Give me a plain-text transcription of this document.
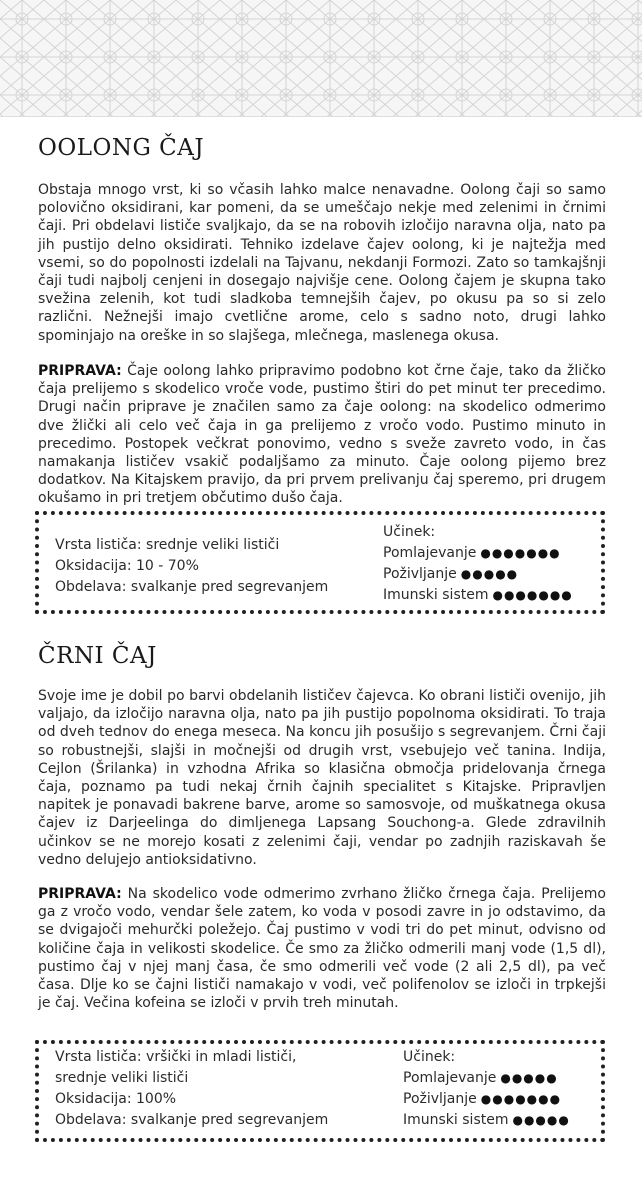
OOLONG ČAJ

Obstaja mnogo vrst, ki so včasih lahko malce nenavadne. Oolong čaji so samo polovično oksidirani, kar pomeni, da se umeščajo nekje med zelenimi in črnimi čaji. Pri obdelavi lističe svaljkajo, da se na robovih izločijo naravna olja, nato pa jih pustijo delno oksidirati. Tehniko izdelave čajev oolong, ki je najtežja med vsemi, so do popolnosti izdelali na Tajvanu, nekdanji Formozi. Zato so tamkajšnji čaji tudi najbolj cenjeni in dosegajo najvišje cene. Oolong čajem je skupna tako svežina zelenih, kot tudi sladkoba temnejših čajev, po okusu pa so si zelo različni. Nežnejši imajo cvetlične arome, celo s sadno noto, drugi lahko spominjajo na oreške in so slajšega, mlečnega, maslenega okusa.

PRIPRAVA: Čaje oolong lahko pripravimo podobno kot črne čaje, tako da žličko čaja prelijemo s skodelico vroče vode, pustimo štiri do pet minut ter precedimo. Drugi način priprave je značilen samo za čaje oolong: na skodelico odmerimo dve žlički ali celo več čaja in ga prelijemo z vročo vodo. Pustimo minuto in precedimo. Postopek večkrat ponovimo, vedno s sveže zavreto vodo, in čas namakanja lističev vsakič podaljšamo za minuto. Čaje oolong pijemo brez dodatkov. Na Kitajskem pravijo, da pri prvem prelivanju čaj speremo, pri drugem okušamo in pri tretjem občutimo dušo čaja.

Vrsta lističa: srednje veliki lističi
Oksidacija: 10 - 70%
Obdelava: svalkanje pred segrevanjem
Učinek:
Pomlajevanje ●●●●●●●
Poživljanje ●●●●●
Imunski sistem ●●●●●●●
ČRNI ČAJ

Svoje ime je dobil po barvi obdelanih lističev čajevca. Ko obrani lističi ovenijo, jih valjajo, da izločijo naravna olja, nato pa jih pustijo popolnoma oksidirati. To traja od dveh tednov do enega meseca. Na koncu jih posušijo s segrevanjem. Črni čaji so robustnejši, slajši in močnejši od drugih vrst, vsebujejo več tanina. Indija, Cejlon (Šrilanka) in vzhodna Afrika so klasična območja pridelovanja črnega čaja, poznamo pa tudi nekaj črnih čajnih specialitet s Kitajske. Pripravljen napitek je ponavadi bakrene barve, arome so samosvoje, od muškatnega okusa čajev iz Darjeelinga do dimljenega Lapsang Souchong-a. Glede zdravilnih učinkov se ne morejo kosati z zelenimi čaji, vendar po zadnjih raziskavah še vedno delujejo antioksidativno.

PRIPRAVA: Na skodelico vode odmerimo zvrhano žličko črnega čaja. Prelijemo ga z vročo vodo, vendar šele zatem, ko voda v posodi zavre in jo odstavimo, da se dvigajoči mehurčki poležejo. Čaj pustimo v vodi tri do pet minut, odvisno od količine čaja in velikosti skodelice. Če smo za žličko odmerili manj vode (1,5 dl), pustimo čaj v njej manj časa, če smo odmerili več vode (2 ali 2,5 dl), pa več časa. Dlje ko se čajni lističi namakajo v vodi, več polifenolov se izloči in trpkejši je čaj. Večina kofeina se izloči v prvih treh minutah.

Vrsta lističa: vršički in mladi lističi,
srednje veliki lističi
Oksidacija: 100%
Obdelava: svalkanje pred segrevanjem
Učinek:
Pomlajevanje ●●●●●
Poživljanje ●●●●●●●
Imunski sistem ●●●●●
